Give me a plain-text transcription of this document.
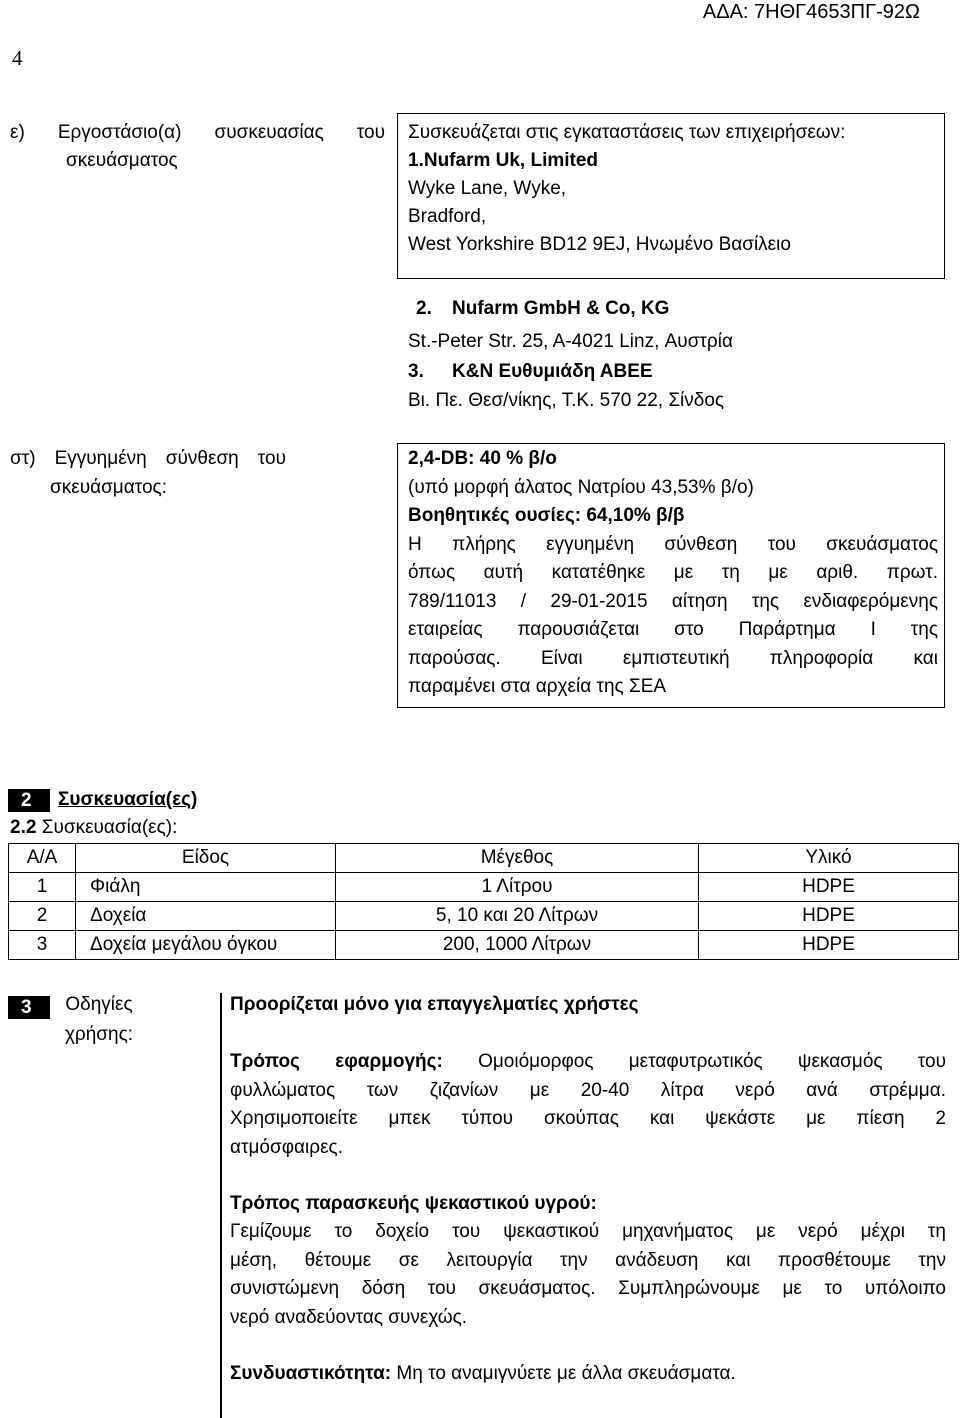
ΑΔΑ: 7ΗΘΓ4653ΠΓ-92Ω
4
ε) Εργοστάσιο(α) συσκευασίας του
σκευάσματος
Συσκευάζεται στις εγκαταστάσεις των επιχειρήσεων:
1.Nufarm Uk, Limited
Wyke Lane, Wyke,
Bradford,
West Yorkshire BD12 9EJ, Ηνωμένο Βασίλειο
2. Nufarm GmbH & Co, KG
St.-Peter Str. 25, A-4021 Linz, Αυστρία
3. K&N Ευθυμιάδη ΑΒΕΕ
Βι. Πε. Θεσ/νίκης, Τ.Κ. 570 22, Σίνδος
στ) Εγγυημένη σύνθεση του
σκευάσματος:
2,4-DB: 40 % β/ο
(υπό μορφή άλατος Νατρίου 43,53% β/ο)
Βοηθητικές ουσίες: 64,10% β/β
Η πλήρης εγγυημένη σύνθεση του σκευάσματος
όπως αυτή κατατέθηκε με τη με αριθ. πρωτ.
789/11013 / 29-01-2015 αίτηση της ενδιαφερόμενης
εταιρείας παρουσιάζεται στο Παράρτημα Ι της
παρούσας. Είναι εμπιστευτική πληροφορία και
παραμένει στα αρχεία της ΣΕΑ
2	Συσκευασία(ες)
2.2 Συσκευασία(ες):
Α/Α	Είδος	Μέγεθος	Υλικό
1	Φιάλη	1 Λίτρου	HDPE
2	Δοχεία	5, 10 και 20 Λίτρων	HDPE
3	Δοχεία μεγάλου όγκου	200, 1000 Λίτρων	HDPE
3	Οδηγίες χρήσης:
Προορίζεται μόνο για επαγγελματίες χρήστες
Τρόπος εφαρμογής: Ομοιόμορφος μεταφυτρωτικός ψεκασμός του
φυλλώματος των ζιζανίων με 20-40 λίτρα νερό ανά στρέμμα.
Χρησιμοποιείτε μπεκ τύπου σκούπας και ψεκάστε με πίεση 2
ατμόσφαιρες.
Τρόπος παρασκευής ψεκαστικού υγρού:
Γεμίζουμε το δοχείο του ψεκαστικού μηχανήματος με νερό μέχρι τη
μέση, θέτουμε σε λειτουργία την ανάδευση και προσθέτουμε την
συνιστώμενη δόση του σκευάσματος. Συμπληρώνουμε με το υπόλοιπο
νερό αναδεύοντας συνεχώς.
Συνδυαστικότητα: Μη το αναμιγνύετε με άλλα σκευάσματα.
